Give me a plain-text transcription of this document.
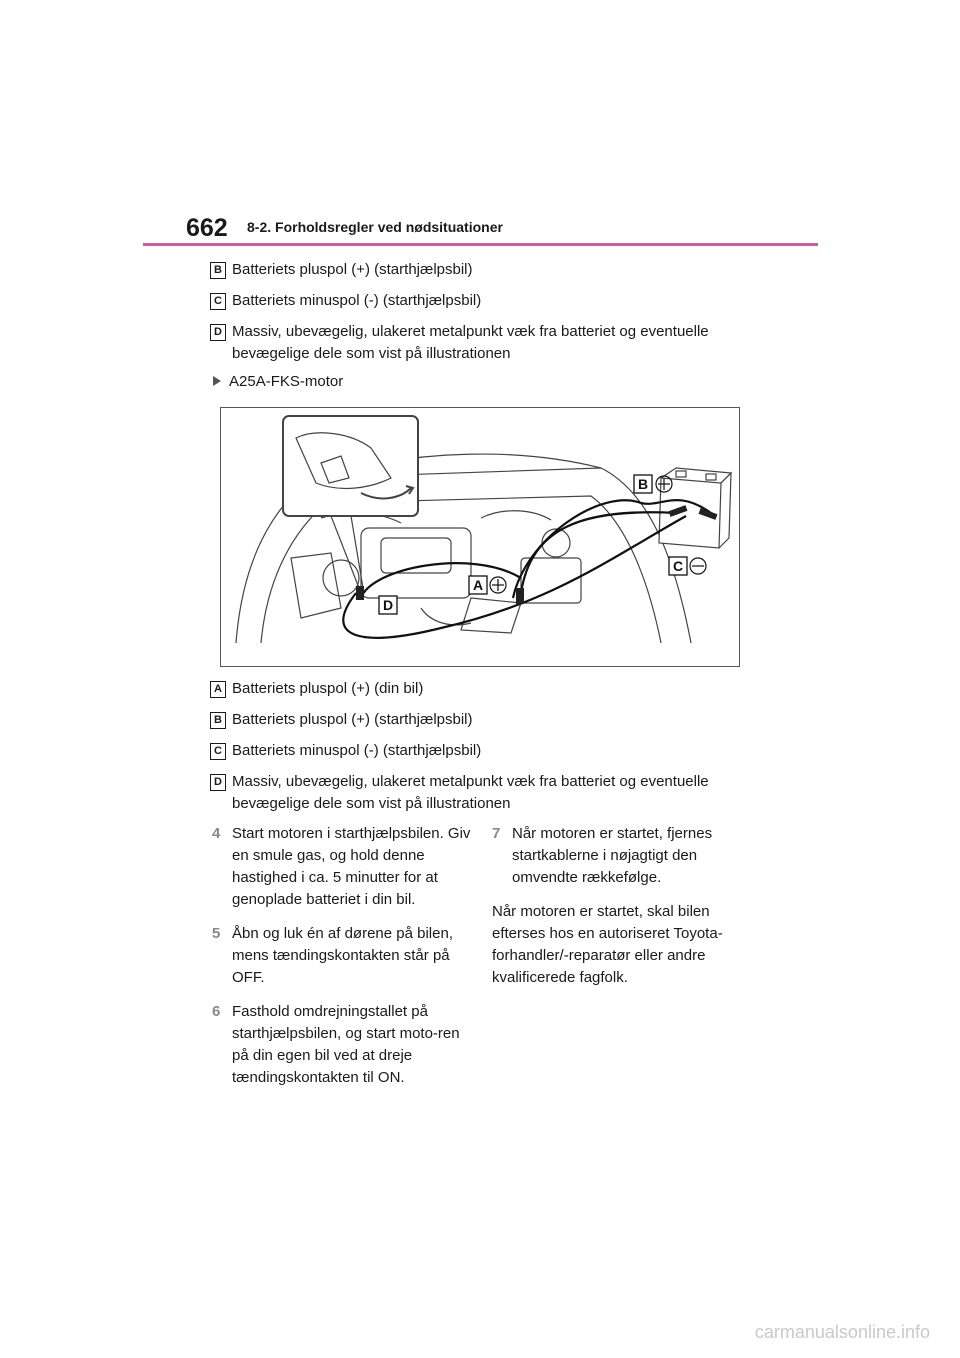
662 8-2. Forholdsregler ved nødsituationer
B Batteriets pluspol (+) (starthjælpsbil)
C Batteriets minuspol (-) (starthjælpsbil)
D Massiv, ubevægelig, ulakeret metalpunkt væk fra batteriet og eventuelle bevægelige dele som vist på illustrationen
A25A-FKS-motor
B
C
A
D
A Batteriets pluspol (+) (din bil)
B Batteriets pluspol (+) (starthjælpsbil)
C Batteriets minuspol (-) (starthjælpsbil)
D Massiv, ubevægelig, ulakeret metalpunkt væk fra batteriet og eventuelle bevægelige dele som vist på illustrationen
4 Start motoren i starthjælpsbilen. Giv en smule gas, og hold denne hastighed i ca. 5 minutter for at genoplade batteriet i din bil.
5 Åbn og luk én af dørene på bilen, mens tændingskontakten står på OFF.
6 Fasthold omdrejningstallet på starthjælpsbilen, og start moto-ren på din egen bil ved at dreje tændingskontakten til ON.
7 Når motoren er startet, fjernes startkablerne i nøjagtigt den omvendte rækkefølge.
Når motoren er startet, skal bilen efterses hos en autoriseret Toyota-forhandler/-reparatør eller andre kvalificerede fagfolk.
carmanualsonline.info
